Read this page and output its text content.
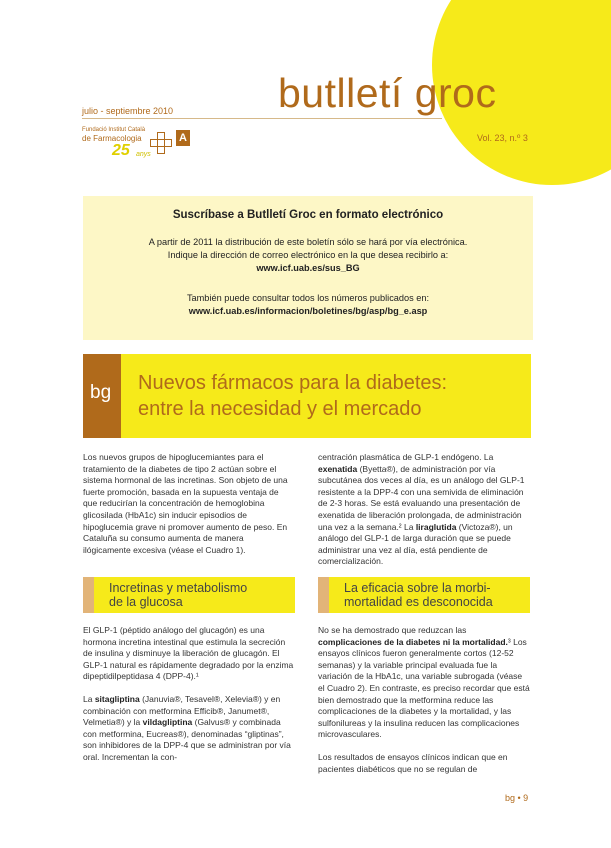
butlletí groc
julio - septiembre 2010
Vol. 23, n.º 3
Fundació Institut Català
de Farmacologia
25 anys
A
Suscríbase a Butlletí Groc en formato electrónico
A partir de 2011 la distribución de este boletín sólo se hará por vía electrónica.
Indique la dirección de correo electrónico en la que desea recibirlo a:
www.icf.uab.es/sus_BG
También puede consultar todos los números publicados en:
www.icf.uab.es/informacion/boletines/bg/asp/bg_e.asp
bg Nuevos fármacos para la diabetes:
entre la necesidad y el mercado
Los nuevos grupos de hipoglucemiantes para el tratamiento de la diabetes de tipo 2 actúan sobre el sistema hormonal de las incretinas. Son objeto de una fuerte promoción, basada en la supuesta ventaja de que reducirían la concentración de hemoglobina glicosilada (HbA1c) sin inducir episodios de hipoglucemia grave ni promover aumento de peso. En Cataluña su consumo aumenta de manera ilógicamente excesiva (véase el Cuadro 1).
centración plasmática de GLP-1 endógeno. La exenatida (Byetta®), de administración por vía subcutánea dos veces al día, es un análogo del GLP-1 resistente a la DPP-4 con una semivida de eliminación de 2-3 horas. Se está evaluando una presentación de exenatida de liberación prolongada, de administración una vez a la semana.² La liraglutida (Victoza®), un análogo del GLP-1 de larga duración que se puede administrar una vez al día, está pendiente de comercialización.
Incretinas y metabolismo
de la glucosa
La eficacia sobre la morbi-
mortalidad es desconocida
El GLP-1 (péptido análogo del glucagón) es una hormona incretina intestinal que estimula la secreción de insulina y disminuye la liberación de glucagón. El GLP-1 natural es rápidamente degradado por la enzima dipeptidilpeptidasa 4 (DPP-4).¹
La sitagliptina (Januvia®, Tesavel®, Xelevia®) y en combinación con metformina Efficib®, Janumet®, Velmetia®) y la vildagliptina (Galvus® y combinada con metformina, Eucreas®), denominadas “gliptinas”, son inhibidores de la DPP-4 que se administran por vía oral. Incrementan la con-
No se ha demostrado que reduzcan las complicaciones de la diabetes ni la mortalidad.³ Los ensayos clínicos fueron generalmente cortos (12-52 semanas) y la variable principal evaluada fue la variación de la HbA1c, una variable subrogada (véase el Cuadro 2). En contraste, es preciso recordar que está bien demostrado que la metformina reduce las complicaciones de la diabetes y la mortalidad, y las sulfonilureas y la insulina reducen las complicaciones microvasculares.
Los resultados de ensayos clínicos indican que en pacientes diabéticos que no se regulan de
bg • 9
